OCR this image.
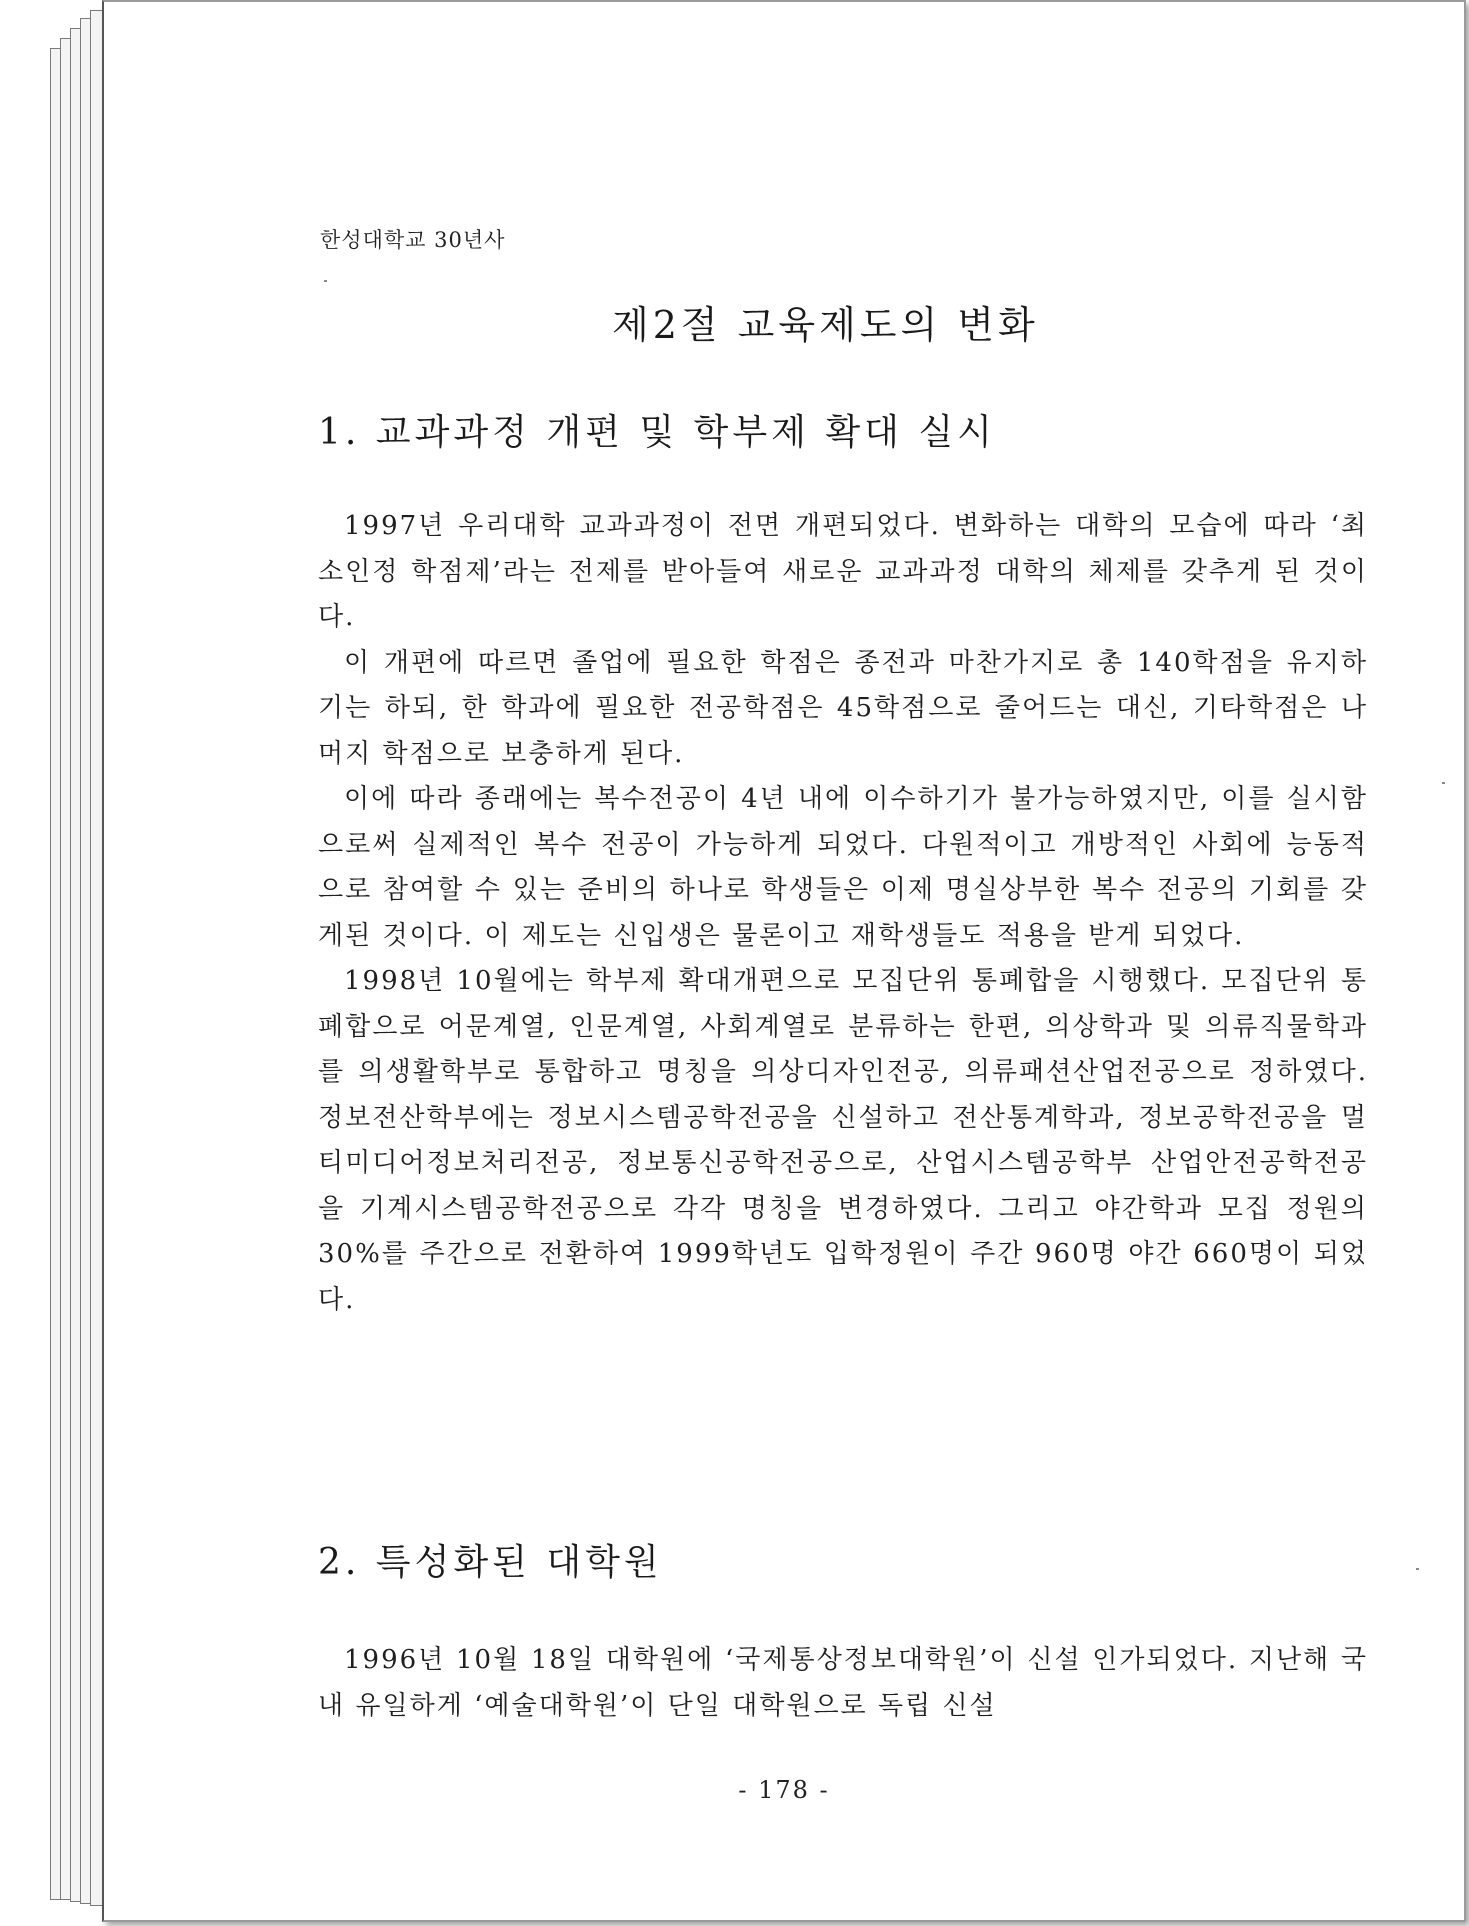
한성대학교 30년사
제2절 교육제도의 변화
1. 교과과정 개편 및 학부제 확대 실시

1997년 우리대학 교과과정이 전면 개편되었다. 변화하는 대학의 모습에 따라 ‘최소인정 학점제’라는 전제를 받아들여 새로운 교과과정 대학의 체제를 갖추게 된 것이다.

이 개편에 따르면 졸업에 필요한 학점은 종전과 마찬가지로 총 140학점을 유지하기는 하되, 한 학과에 필요한 전공학점은 45학점으로 줄어드는 대신, 기타학점은 나머지 학점으로 보충하게 된다.

이에 따라 종래에는 복수전공이 4년 내에 이수하기가 불가능하였지만, 이를 실시함으로써 실제적인 복수 전공이 가능하게 되었다. 다원적이고 개방적인 사회에 능동적으로 참여할 수 있는 준비의 하나로 학생들은 이제 명실상부한 복수 전공의 기회를 갖게된 것이다. 이 제도는 신입생은 물론이고 재학생들도 적용을 받게 되었다.

1998년 10월에는 학부제 확대개편으로 모집단위 통폐합을 시행했다. 모집단위 통폐합으로 어문계열, 인문계열, 사회계열로 분류하는 한편, 의상학과 및 의류직물학과를 의생활학부로 통합하고 명칭을 의상디자인전공, 의류패션산업전공으로 정하였다. 정보전산학부에는 정보시스템공학전공을 신설하고 전산통계학과, 정보공학전공을 멀티미디어정보처리전공, 정보통신공학전공으로, 산업시스템공학부 산업안전공학전공을 기계시스템공학전공으로 각각 명칭을 변경하였다. 그리고 야간학과 모집 정원의 30%를 주간으로 전환하여 1999학년도 입학정원이 주간 960명 야간 660명이 되었다.

2. 특성화된 대학원

1996년 10월 18일 대학원에 ‘국제통상정보대학원’이 신설 인가되었다. 지난해 국내 유일하게 ‘예술대학원’이 단일 대학원으로 독립 신설

- 178 -
